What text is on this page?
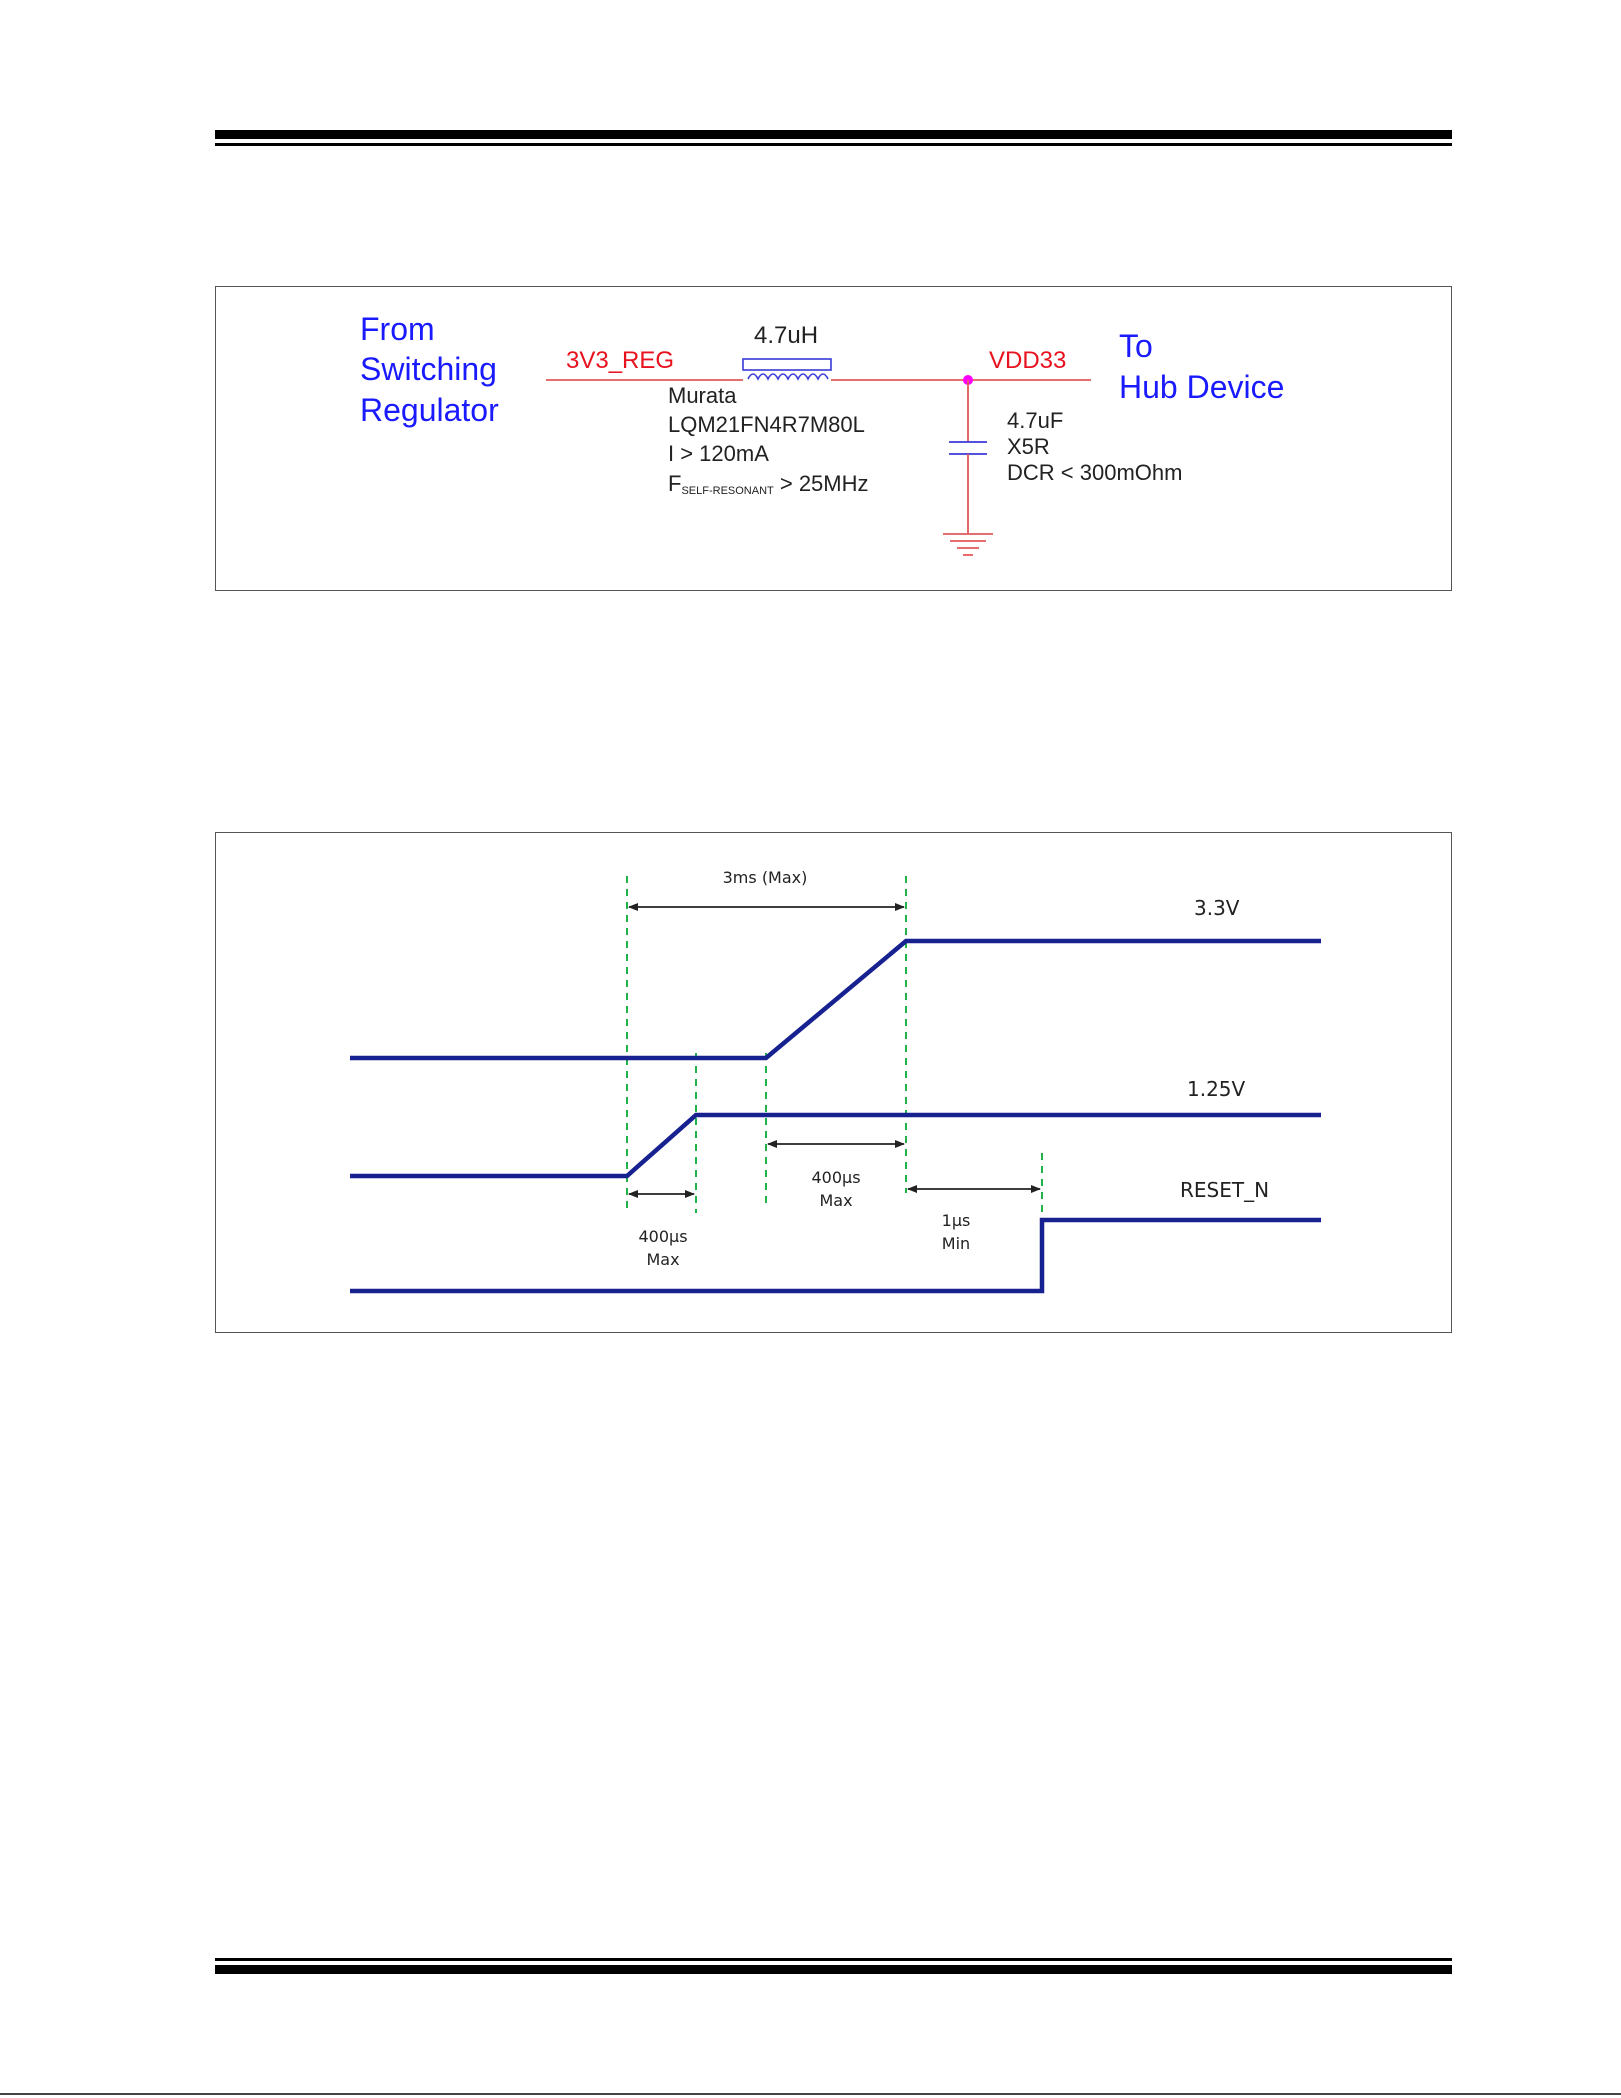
From
Switching
Regulator
3V3_REG
4.7uH
Murata
LQM21FN4R7M80L
I > 120mA
FSELF-RESONANT > 25MHz
VDD33 To
Hub Device
4.7uF
X5R
DCR < 300mOhm
3.3V
1.25V
RESET_N
3ms (Max)
400μs
Max
400μs
Max
1μs
Min
